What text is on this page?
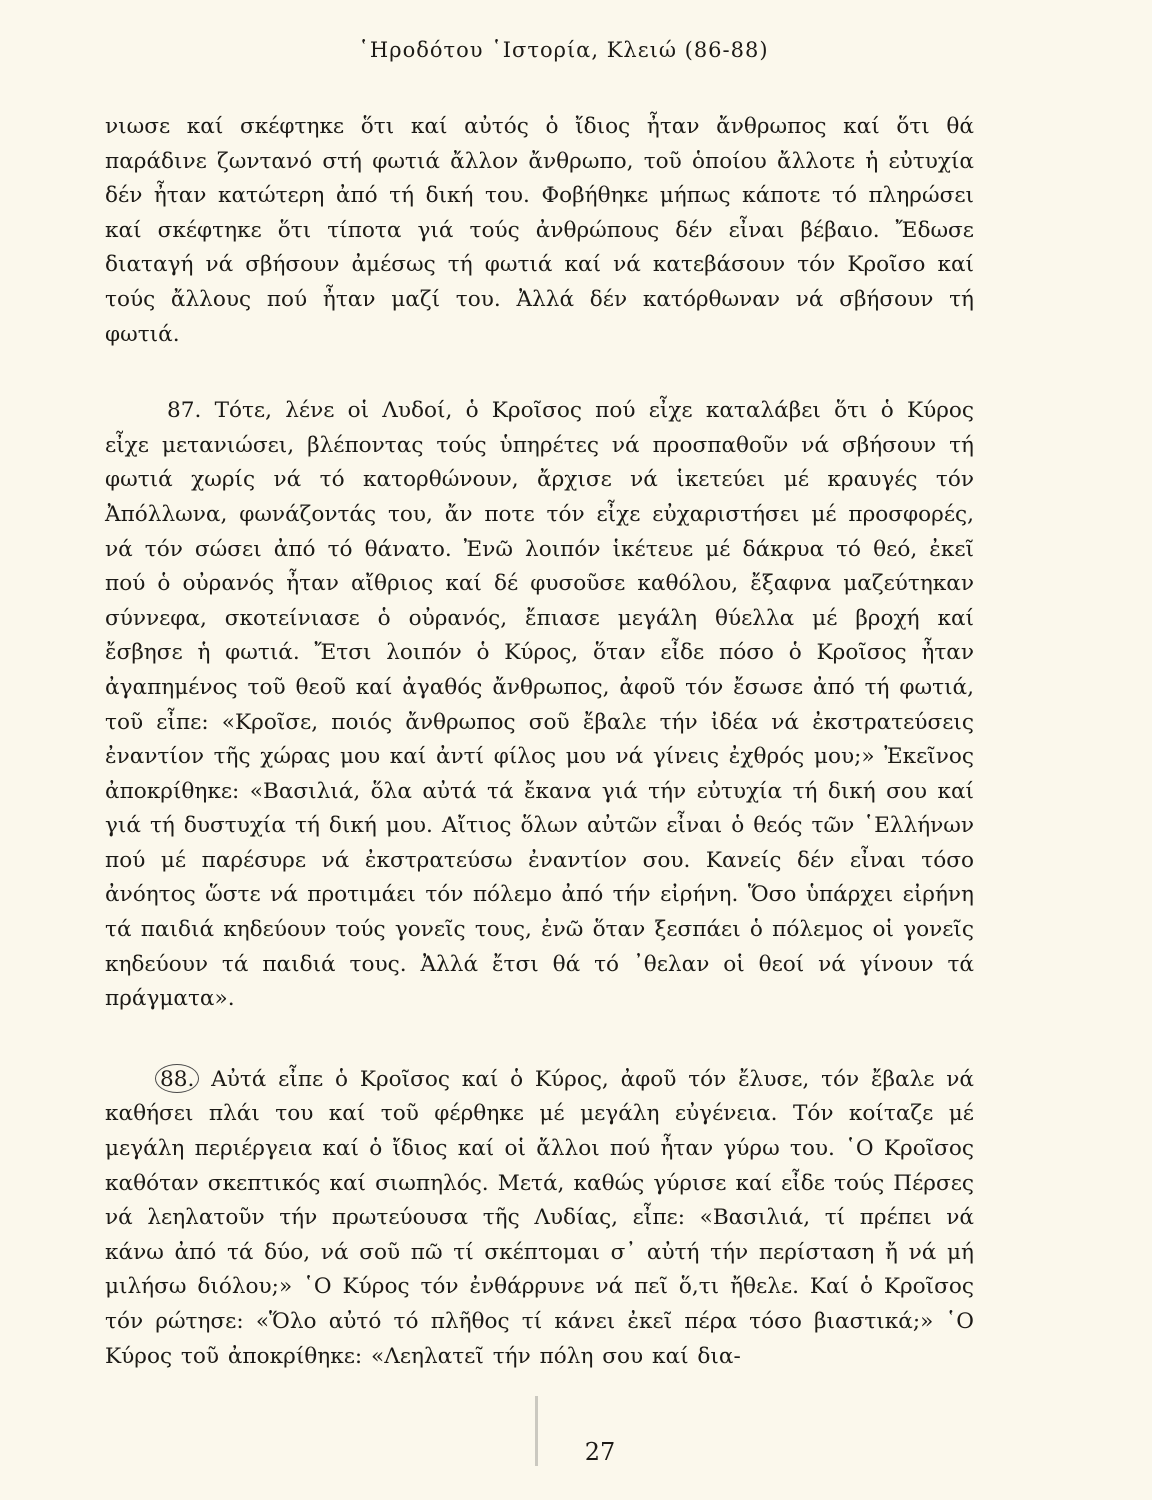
῾Ηροδότου ῾Ιστορία, Κλειώ (86-88)

νιωσε καί σκέφτηκε ὅτι καί αὐτός ὁ ἴδιος ἦταν ἄνθρωπος καί ὅτι θά παράδινε ζωντανό στή φωτιά ἄλλον ἄνθρωπο, τοῦ ὁποίου ἄλλοτε ἡ εὐτυχία δέν ἦταν κατώτερη ἀπό τή δική του. Φοβήθηκε μήπως κάποτε τό πληρώσει καί σκέφτηκε ὅτι τίποτα γιά τούς ἀνθρώπους δέν εἶναι βέβαιο. Ἔδωσε διαταγή νά σβήσουν ἀμέσως τή φωτιά καί νά κατεβάσουν τόν Κροῖσο καί τούς ἄλλους πού ἦταν μαζί του. Ἀλλά δέν κατόρθωναν νά σβήσουν τή φωτιά.

87. Τότε, λένε οἱ Λυδοί, ὁ Κροῖσος πού εἶχε καταλάβει ὅτι ὁ Κύρος εἶχε μετανιώσει, βλέποντας τούς ὑπηρέτες νά προσπαθοῦν νά σβήσουν τή φωτιά χωρίς νά τό κατορθώνουν, ἄρχισε νά ἱκετεύει μέ κραυγές τόν Ἀπόλλωνα, φωνάζοντάς του, ἄν ποτε τόν εἶχε εὐχαριστήσει μέ προσφορές, νά τόν σώσει ἀπό τό θάνατο. Ἐνῶ λοιπόν ἱκέτευε μέ δάκρυα τό θεό, ἐκεῖ πού ὁ οὐρανός ἦταν αἴθριος καί δέ φυσοῦσε καθόλου, ἔξαφνα μαζεύτηκαν σύννεφα, σκοτείνιασε ὁ οὐρανός, ἔπιασε μεγάλη θύελλα μέ βροχή καί ἔσβησε ἡ φωτιά. Ἔτσι λοιπόν ὁ Κύρος, ὅταν εἶδε πόσο ὁ Κροῖσος ἦταν ἀγαπημένος τοῦ θεοῦ καί ἀγαθός ἄνθρωπος, ἀφοῦ τόν ἔσωσε ἀπό τή φωτιά, τοῦ εἶπε: «Κροῖσε, ποιός ἄνθρωπος σοῦ ἔβαλε τήν ἰδέα νά ἐκστρατεύσεις ἐναντίον τῆς χώρας μου καί ἀντί φίλος μου νά γίνεις ἐχθρός μου;» Ἐκεῖνος ἀποκρίθηκε: «Βασιλιά, ὅλα αὐτά τά ἔκανα γιά τήν εὐτυχία τή δική σου καί γιά τή δυστυχία τή δική μου. Αἴτιος ὅλων αὐτῶν εἶναι ὁ θεός τῶν ῾Ελλήνων πού μέ παρέσυρε νά ἐκστρατεύσω ἐναντίον σου. Κανείς δέν εἶναι τόσο ἀνόητος ὥστε νά προτιμάει τόν πόλεμο ἀπό τήν εἰρήνη. Ὅσο ὑπάρχει εἰρήνη τά παιδιά κηδεύουν τούς γονεῖς τους, ἐνῶ ὅταν ξεσπάει ὁ πόλεμος οἱ γονεῖς κηδεύουν τά παιδιά τους. Ἀλλά ἔτσι θά τό ᾽θελαν οἱ θεοί νά γίνουν τά πράγματα».

88. Αὐτά εἶπε ὁ Κροῖσος καί ὁ Κύρος, ἀφοῦ τόν ἔλυσε, τόν ἔβαλε νά καθήσει πλάι του καί τοῦ φέρθηκε μέ μεγάλη εὐγένεια. Τόν κοίταζε μέ μεγάλη περιέργεια καί ὁ ἴδιος καί οἱ ἄλλοι πού ἦταν γύρω του. ῾Ο Κροῖσος καθόταν σκεπτικός καί σιωπηλός. Μετά, καθώς γύρισε καί εἶδε τούς Πέρσες νά λεηλατοῦν τήν πρωτεύουσα τῆς Λυδίας, εἶπε: «Βασιλιά, τί πρέπει νά κάνω ἀπό τά δύο, νά σοῦ πῶ τί σκέπτομαι σ᾽ αὐτή τήν περίσταση ἤ νά μή μιλήσω διόλου;» ῾Ο Κύρος τόν ἐνθάρρυνε νά πεῖ ὅ,τι ἤθελε. Καί ὁ Κροῖσος τόν ρώτησε: «Ὅλο αὐτό τό πλῆθος τί κάνει ἐκεῖ πέρα τόσο βιαστικά;» ῾Ο Κύρος τοῦ ἀποκρίθηκε: «Λεηλατεῖ τήν πόλη σου καί δια-

27
